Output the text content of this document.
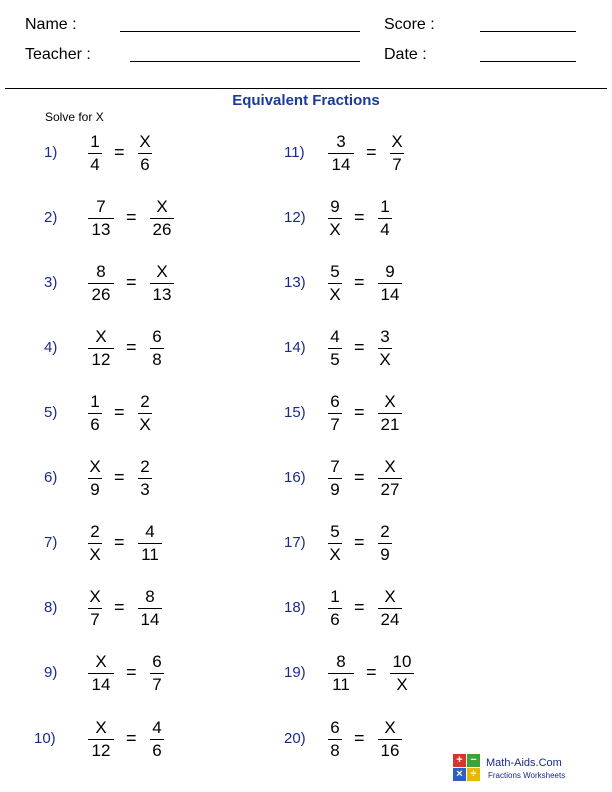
Name :
Teacher :
Score :
Date :
Equivalent Fractions
Solve for X
$1) \frac{1}{4} = \frac{X}{6}$
$2) \frac{7}{13} = \frac{X}{26}$
$3) \frac{8}{26} = \frac{X}{13}$
$4) \frac{X}{12} = \frac{6}{8}$
$5) \frac{1}{6} = \frac{2}{X}$
$6) \frac{X}{9} = \frac{2}{3}$
$7) \frac{2}{X} = \frac{4}{11}$
$8) \frac{X}{7} = \frac{8}{14}$
$9) \frac{X}{14} = \frac{6}{7}$
$10) \frac{X}{12} = \frac{4}{6}$
$11) \frac{3}{14} = \frac{X}{7}$
$12) \frac{9}{X} = \frac{1}{4}$
$13) \frac{5}{X} = \frac{9}{14}$
$14) \frac{4}{5} = \frac{3}{X}$
$15) \frac{6}{7} = \frac{X}{21}$
$16) \frac{7}{9} = \frac{X}{27}$
$17) \frac{5}{X} = \frac{2}{9}$
$18) \frac{1}{6} = \frac{X}{24}$
$19) \frac{8}{11} = \frac{10}{X}$
$20) \frac{6}{8} = \frac{X}{16}$	+ −
× ÷
Math-Aids.Com
Fractions Worksheets
